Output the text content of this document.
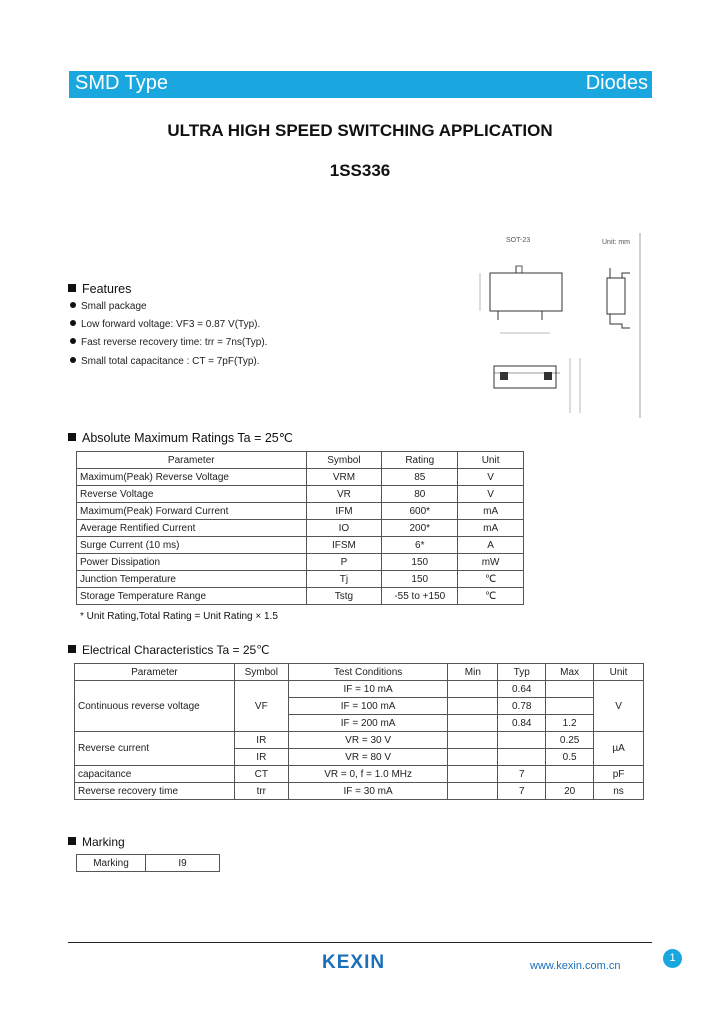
SMD Type	Diodes
ULTRA HIGH SPEED SWITCHING APPLICATION
1SS336
SOT-23	Unit: mm
Features
Small package
Low forward voltage: VF3 = 0.87 V(Typ).
Fast reverse recovery time: trr = 7ns(Typ).
Small total capacitance : CT = 7pF(Typ).
Absolute Maximum Ratings Ta = 25℃
Parameter	Symbol	Rating	Unit
Maximum(Peak) Reverse Voltage	VRM	85	V
Reverse Voltage	VR	80	V
Maximum(Peak) Forward Current	IFM	600*	mA
Average Rentified Current	IO	200*	mA
Surge Current (10 ms)	IFSM	6*	A
Power Dissipation	P	150	mW
Junction Temperature	Tj	150	℃
Storage Temperature Range	Tstg	-55 to +150	℃
* Unit Rating,Total Rating = Unit Rating × 1.5
Electrical Characteristics Ta = 25℃
Parameter	Symbol	Test Conditions	Min	Typ	Max	Unit
Continuous reverse voltage	VF	IF = 10 mA		0.64		V
		IF = 100 mA		0.78		
		IF = 200 mA		0.84	1.2	
Reverse current	IR	VR = 30 V			0.25	µA
	IR	VR = 80 V			0.5	
capacitance	CT	VR = 0, f = 1.0 MHz		7		pF
Reverse recovery time	trr	IF = 30 mA		7	20	ns
Marking
Marking	I9
KEXIN	www.kexin.com.cn
1
